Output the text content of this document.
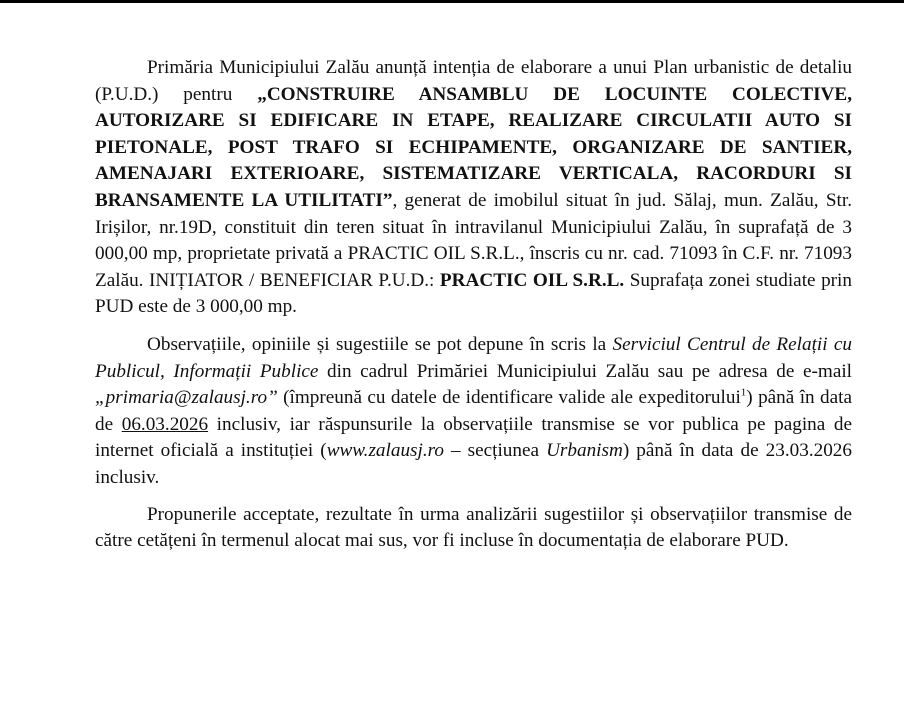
Primăria Municipiului Zalău anunță intenția de elaborare a unui Plan urbanistic de detaliu (P.U.D.) pentru „CONSTRUIRE ANSAMBLU DE LOCUINTE COLECTIVE, AUTORIZARE SI EDIFICARE IN ETAPE, REALIZARE CIRCULATII AUTO SI PIETONALE, POST TRAFO SI ECHIPAMENTE, ORGANIZARE DE SANTIER, AMENAJARI EXTERIOARE, SISTEMATIZARE VERTICALA, RACORDURI SI BRANSAMENTE LA UTILITATI”, generat de imobilul situat în jud. Sălaj, mun. Zalău, Str. Irișilor, nr.19D, constituit din teren situat în intravilanul Municipiului Zalău, în suprafață de 3 000,00 mp, proprietate privată a PRACTIC OIL S.R.L., înscris cu nr. cad. 71093 în C.F. nr. 71093 Zalău. INIȚIATOR / BENEFICIAR P.U.D.: PRACTIC OIL S.R.L. Suprafața zonei studiate prin PUD este de 3 000,00 mp.

Observațiile, opiniile și sugestiile se pot depune în scris la Serviciul Centrul de Relații cu Publicul, Informații Publice din cadrul Primăriei Municipiului Zalău sau pe adresa de e-mail „primaria@zalausj.ro” (împreună cu datele de identificare valide ale expeditorului$^1$) până în data de 06.03.2026 inclusiv, iar răspunsurile la observațiile transmise se vor publica pe pagina de internet oficială a instituției (www.zalausj.ro – secțiunea Urbanism) până în data de 23.03.2026 inclusiv.

Propunerile acceptate, rezultate în urma analizării sugestiilor și observațiilor transmise de către cetățeni în termenul alocat mai sus, vor fi incluse în documentația de elaborare PUD.
